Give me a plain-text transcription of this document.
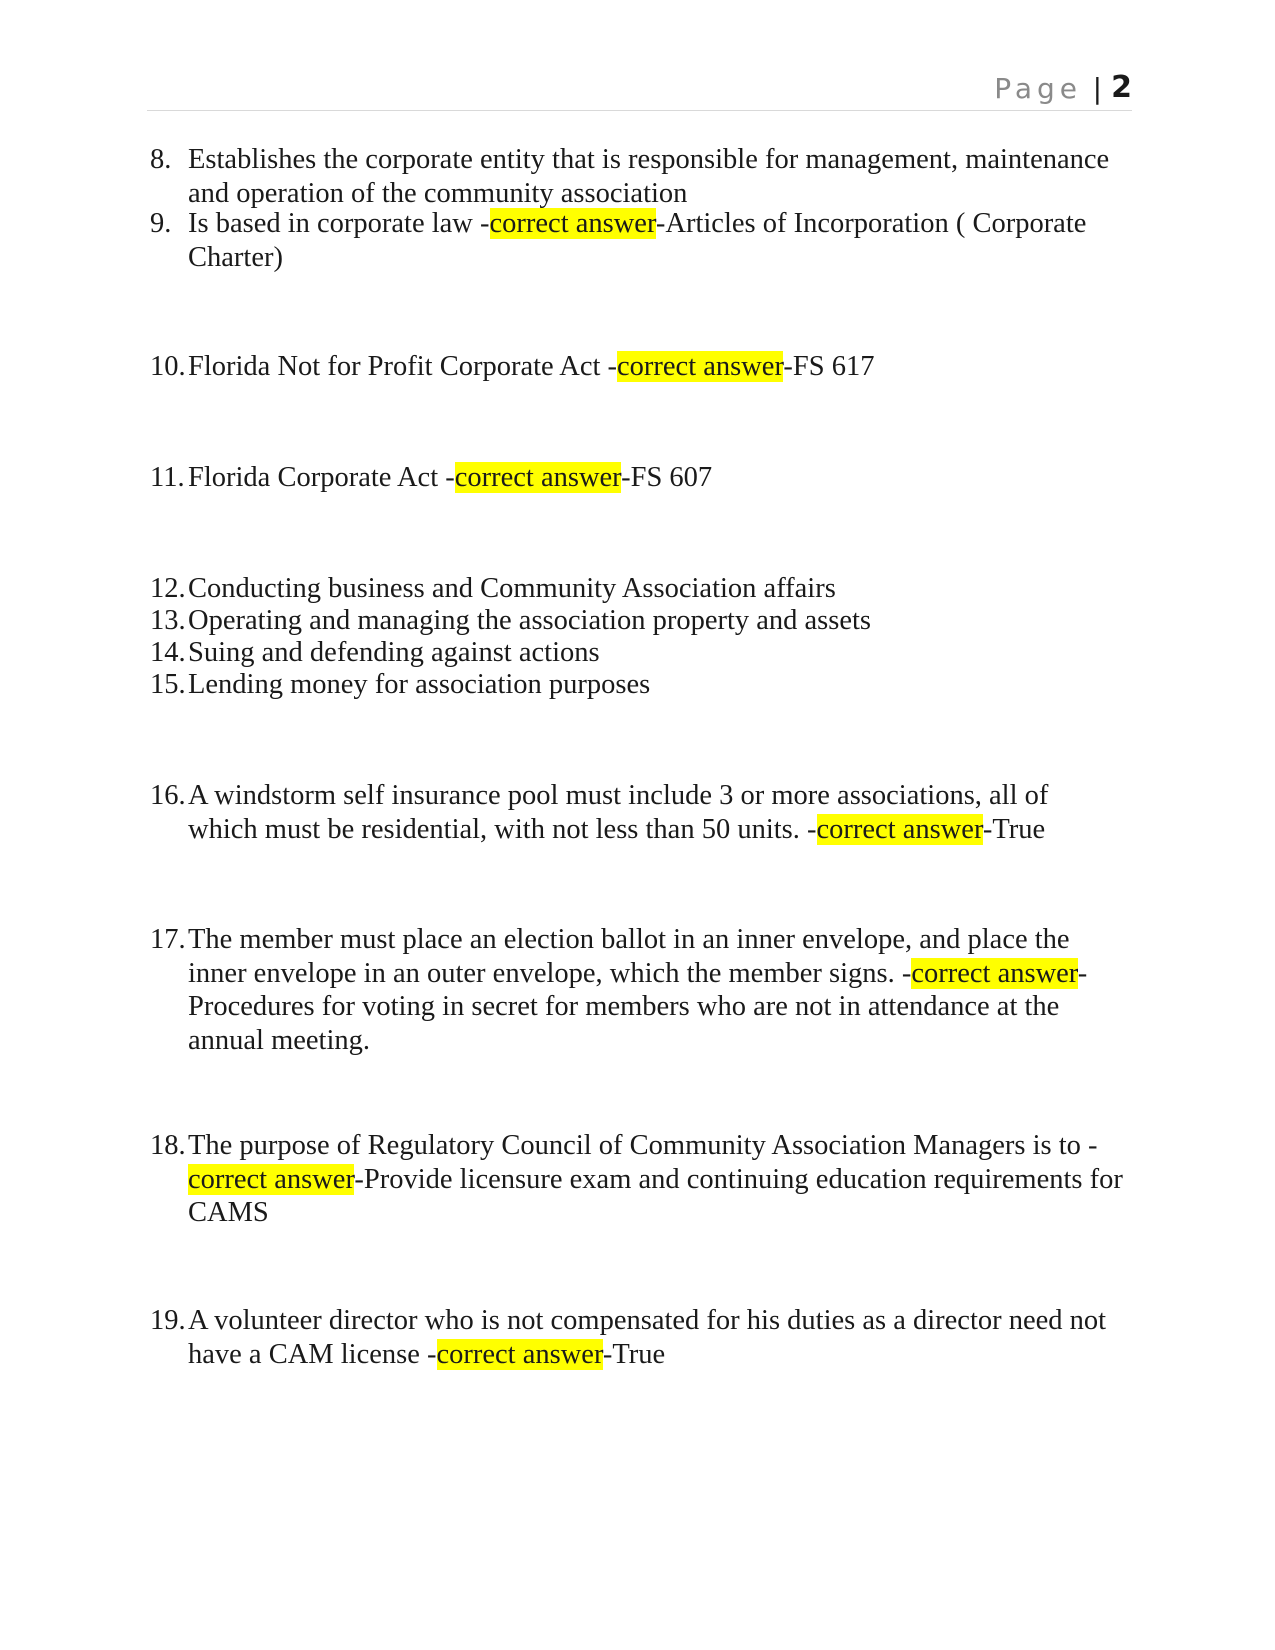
Page | 2
8. Establishes the corporate entity that is responsible for management, maintenance and operation of the community association
9. Is based in corporate law -correct answer-Articles of Incorporation ( Corporate Charter)
10. Florida Not for Profit Corporate Act -correct answer-FS 617
11. Florida Corporate Act -correct answer-FS 607
12. Conducting business and Community Association affairs
13. Operating and managing the association property and assets
14. Suing and defending against actions
15. Lending money for association purposes
16. A windstorm self insurance pool must include 3 or more associations, all of which must be residential, with not less than 50 units. -correct answer-True
17. The member must place an election ballot in an inner envelope, and place the inner envelope in an outer envelope, which the member signs. -correct answer-Procedures for voting in secret for members who are not in attendance at the annual meeting.
18. The purpose of Regulatory Council of Community Association Managers is to -correct answer-Provide licensure exam and continuing education requirements for CAMS
19. A volunteer director who is not compensated for his duties as a director need not have a CAM license -correct answer-True
